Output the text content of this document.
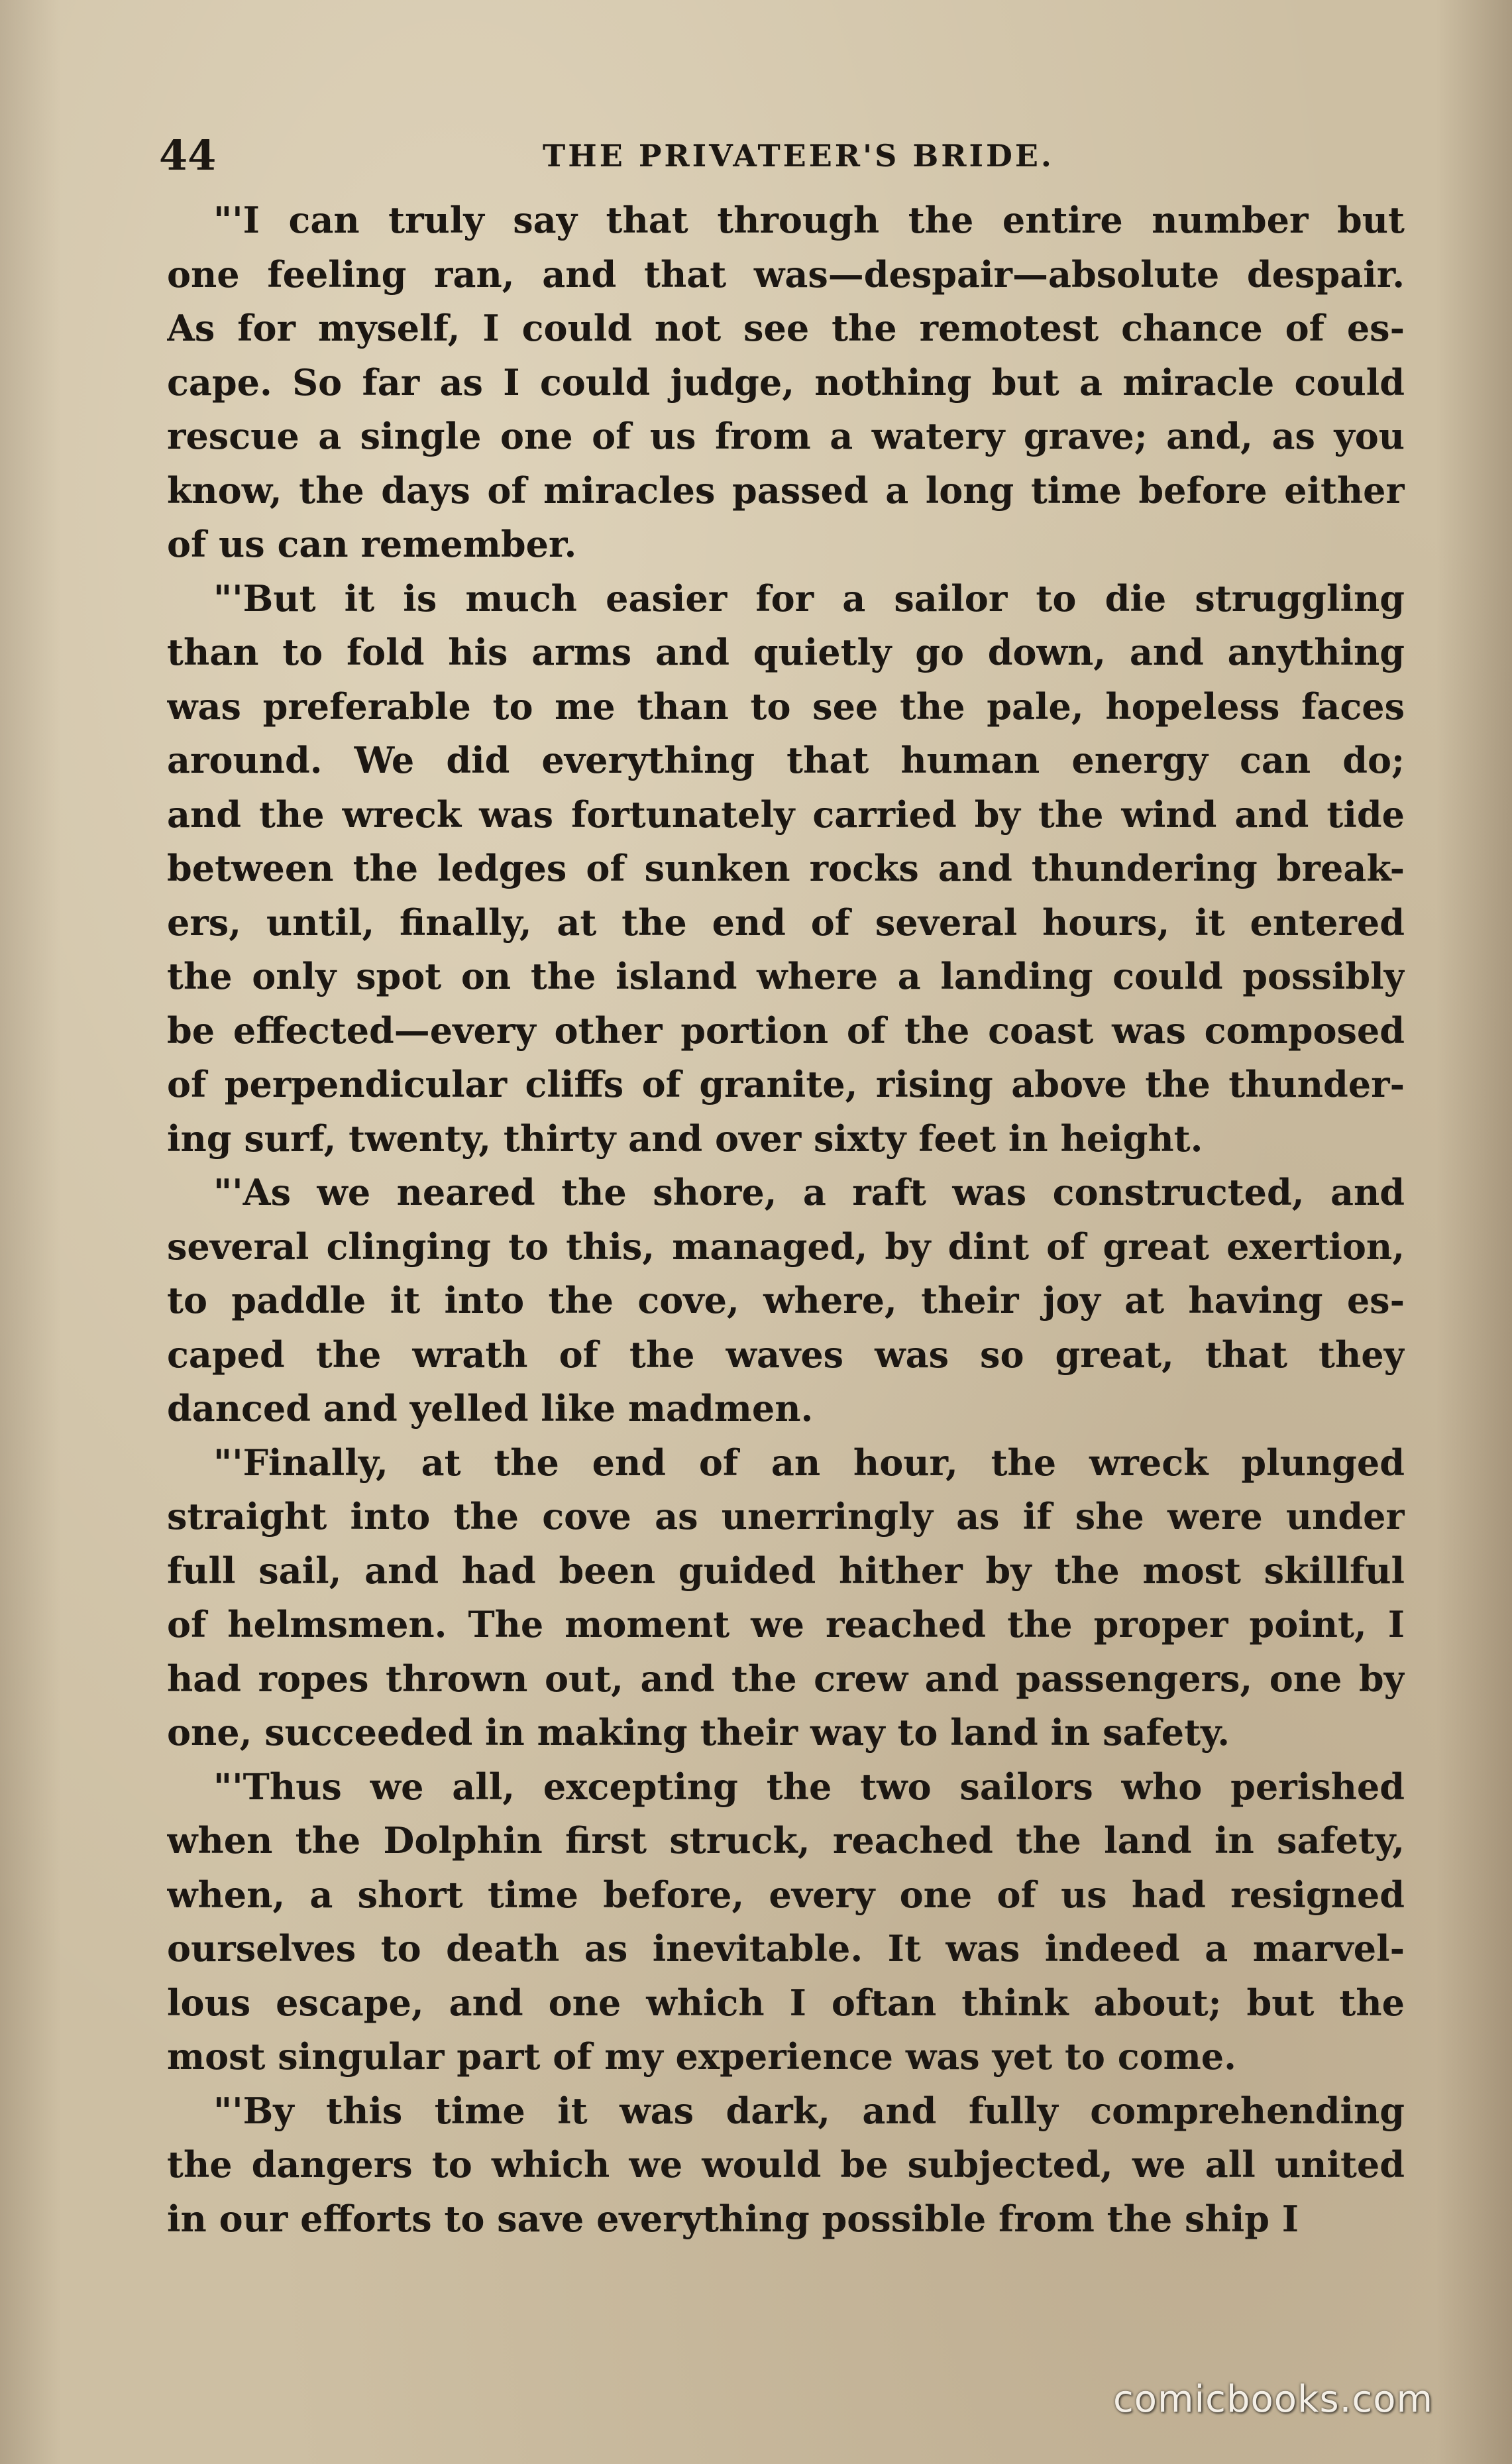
44	THE PRIVATEER'S BRIDE.
"'I can truly say that through the entire number but
one feeling ran, and that was—despair—absolute despair.
As for myself, I could not see the remotest chance of es-
cape. So far as I could judge, nothing but a miracle could
rescue a single one of us from a watery grave; and, as you
know, the days of miracles passed a long time before either
of us can remember.
"'But it is much easier for a sailor to die struggling
than to fold his arms and quietly go down, and anything
was preferable to me than to see the pale, hopeless faces
around. We did everything that human energy can do;
and the wreck was fortunately carried by the wind and tide
between the ledges of sunken rocks and thundering break-
ers, until, finally, at the end of several hours, it entered
the only spot on the island where a landing could possibly
be effected—every other portion of the coast was composed
of perpendicular cliffs of granite, rising above the thunder-
ing surf, twenty, thirty and over sixty feet in height.
"'As we neared the shore, a raft was constructed, and
several clinging to this, managed, by dint of great exertion,
to paddle it into the cove, where, their joy at having es-
caped the wrath of the waves was so great, that they
danced and yelled like madmen.
"'Finally, at the end of an hour, the wreck plunged
straight into the cove as unerringly as if she were under
full sail, and had been guided hither by the most skillful
of helmsmen. The moment we reached the proper point, I
had ropes thrown out, and the crew and passengers, one by
one, succeeded in making their way to land in safety.
"'Thus we all, excepting the two sailors who perished
when the Dolphin first struck, reached the land in safety,
when, a short time before, every one of us had resigned
ourselves to death as inevitable. It was indeed a marvel-
lous escape, and one which I oftan think about; but the
most singular part of my experience was yet to come.
"'By this time it was dark, and fully comprehending
the dangers to which we would be subjected, we all united
in our efforts to save everything possible from the ship I
comicbooks.com
